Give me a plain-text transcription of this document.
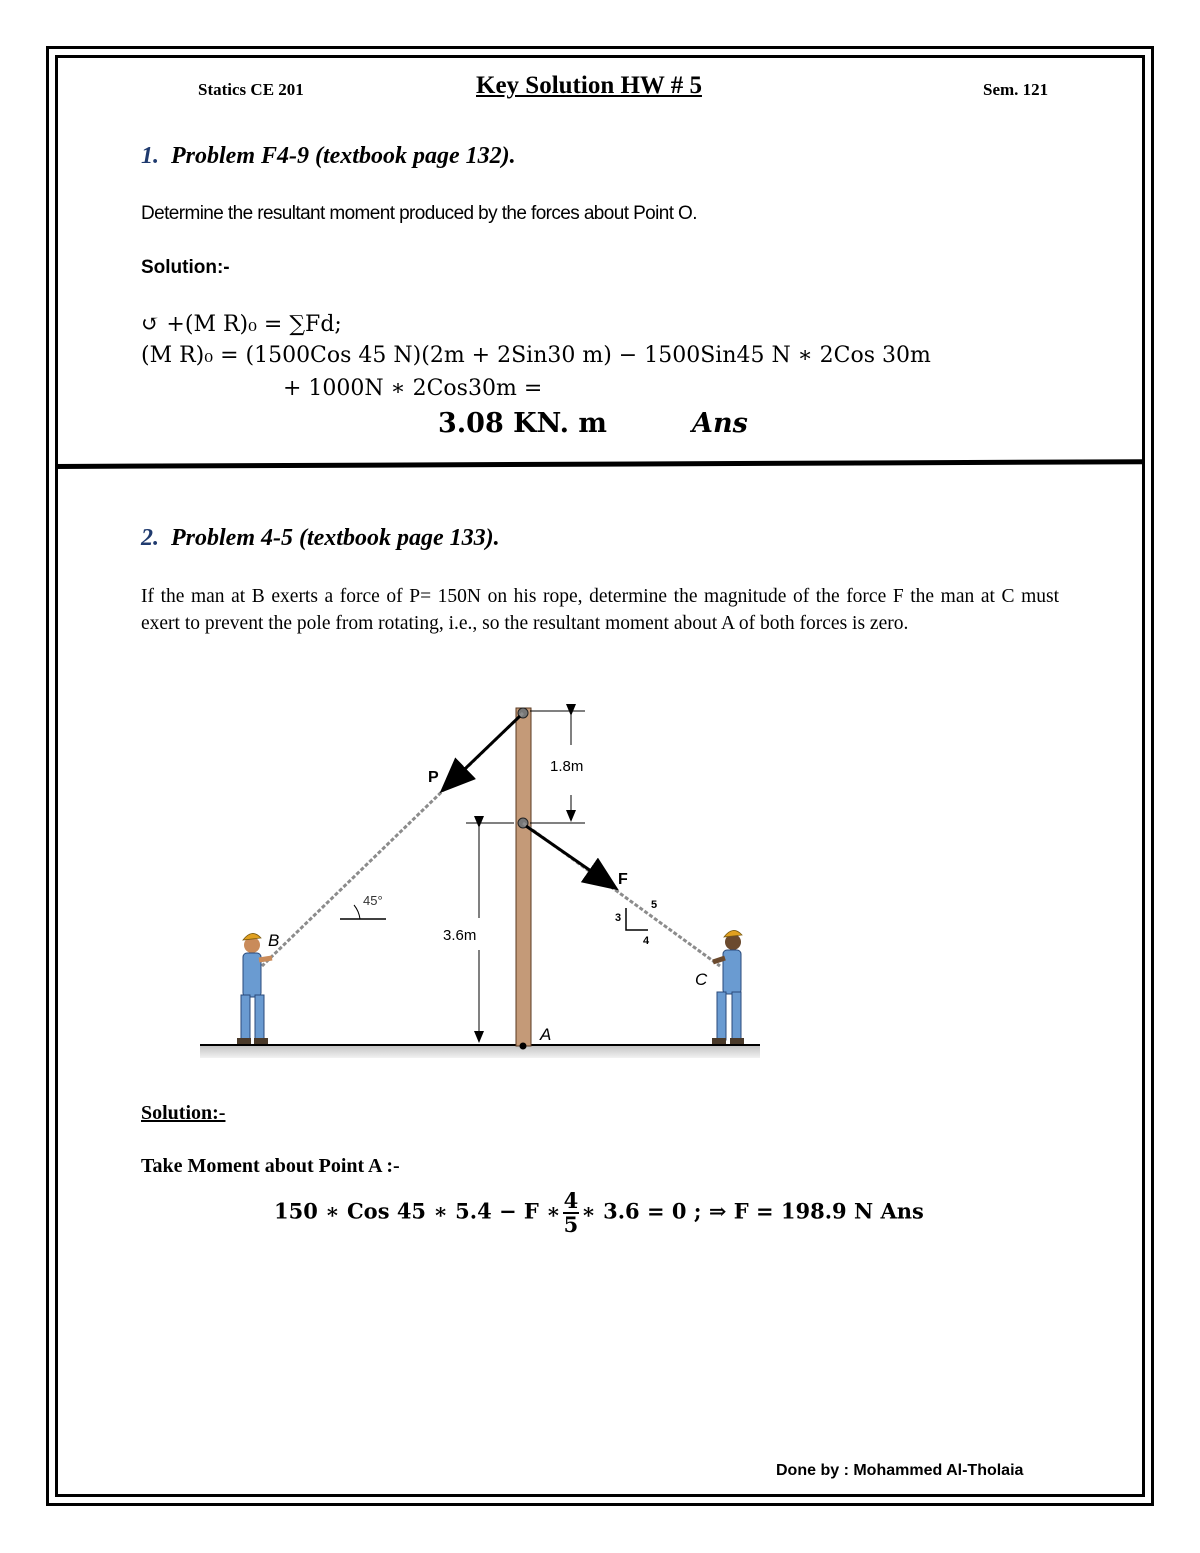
Statics CE 201	Key Solution HW # 5	Sem. 121
1. Problem F4-9 (textbook page 132).
Determine the resultant moment produced by the forces about Point O.
Solution:-
↺ +(M R)₀ = ∑Fd;
(M R)₀ = (1500Cos 45 N)(2m + 2Sin30 m) − 1500Sin45 N ∗ 2Cos 30m
+ 1000N ∗ 2Cos30m =
3.08 KN. m	Ans
2. Problem 4-5 (textbook page 133).
If the man at B exerts a force of P= 150N on his rope, determine the magnitude of the force F the man at C must exert to prevent the pole from rotating, i.e., so the resultant moment about A of both forces is zero.
P
F
45°
3
4
5
1.8m
3.6m
A
B
C
Solution:-
Take Moment about Point A :-
150 ∗ Cos 45 ∗ 5.4 − F ∗ $\frac{4}{5}$ ∗ 3.6 = 0 ; ⇒ F = 198.9 N Ans
Done by : Mohammed Al-Tholaia
